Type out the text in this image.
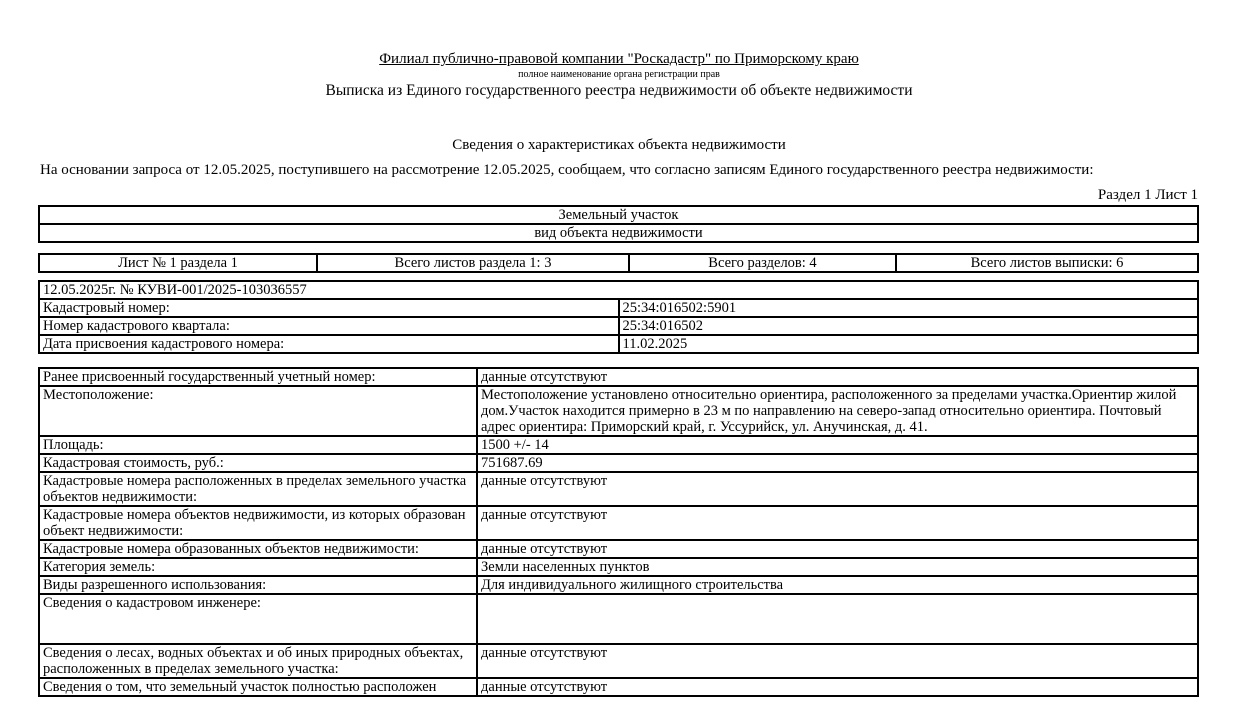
Филиал публично-правовой компании "Роскадастр" по Приморскому краю
полное наименование органа регистрации прав
Выписка из Единого государственного реестра недвижимости об объекте недвижимости
Сведения о характеристиках объекта недвижимости
На основании запроса от 12.05.2025, поступившего на рассмотрение 12.05.2025, сообщаем, что согласно записям Единого государственного реестра недвижимости:
Раздел 1 Лист 1
Земельный участок
вид объекта недвижимости
Лист № 1 раздела 1	Всего листов раздела 1: 3	Всего разделов: 4	Всего листов выписки: 6
12.05.2025г. № КУВИ-001/2025-103036557	
Кадастровый номер:	25:34:016502:5901
Номер кадастрового квартала:	25:34:016502
Дата присвоения кадастрового номера:	11.02.2025
Ранее присвоенный государственный учетный номер:	данные отсутствуют
Местоположение:	Местоположение установлено относительно ориентира, расположенного за пределами участка.Ориентир жилой дом.Участок находится примерно в 23 м по направлению на северо-запад относительно ориентира. Почтовый адрес ориентира: Приморский край, г. Уссурийск, ул. Анучинская, д. 41.
Площадь:	1500 +/- 14
Кадастровая стоимость, руб.:	751687.69
Кадастровые номера расположенных в пределах земельного участка объектов недвижимости:	данные отсутствуют
Кадастровые номера объектов недвижимости, из которых образован объект недвижимости:	данные отсутствуют
Кадастровые номера образованных объектов недвижимости:	данные отсутствуют
Категория земель:	Земли населенных пунктов
Виды разрешенного использования:	Для индивидуального жилищного строительства
Сведения о кадастровом инженере:	
Сведения о лесах, водных объектах и об иных природных объектах, расположенных в пределах земельного участка:	данные отсутствуют
Сведения о том, что земельный участок полностью расположен	данные отсутствуют
